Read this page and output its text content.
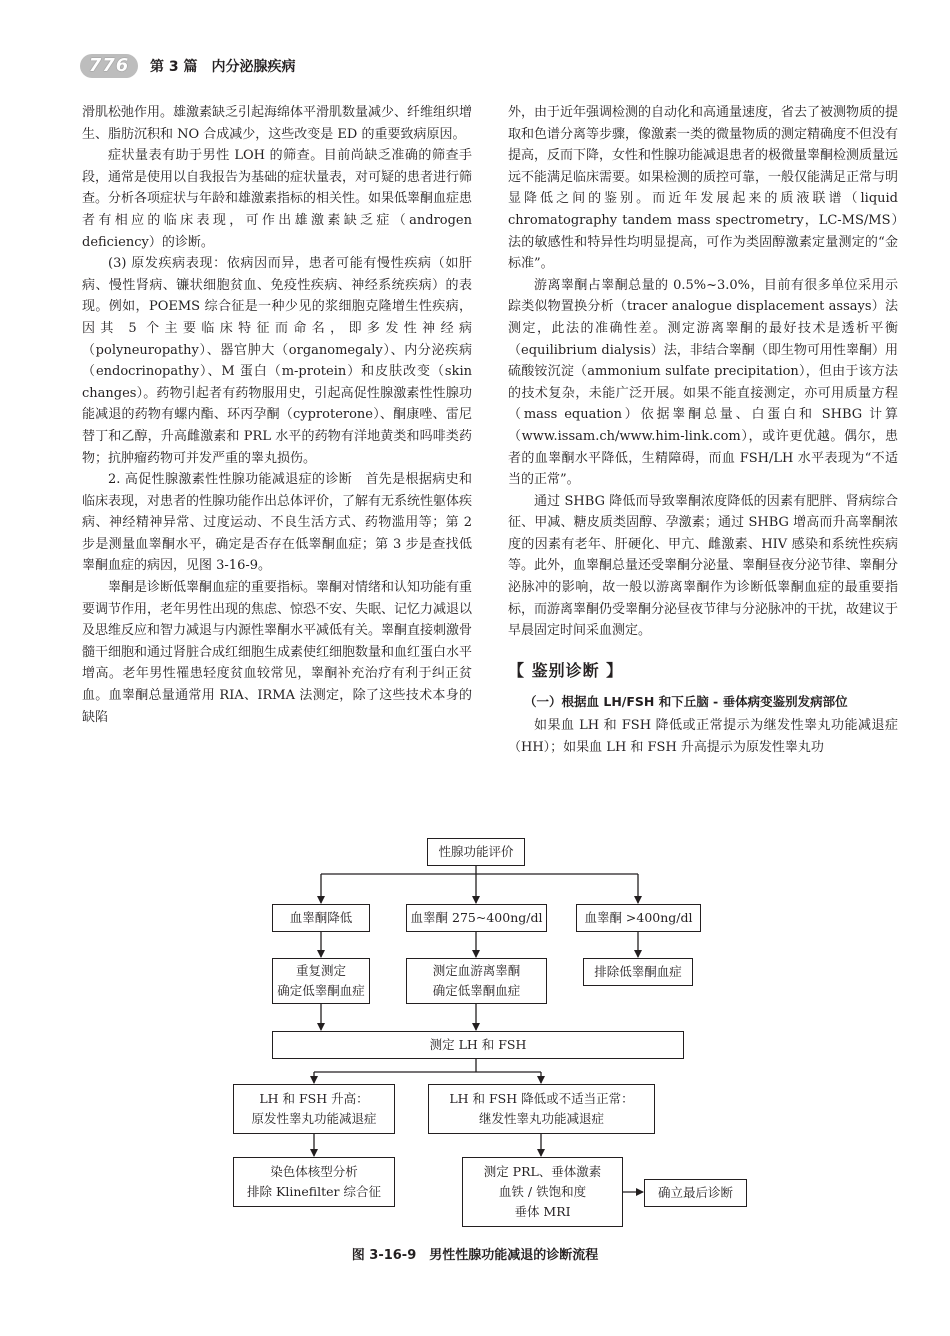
776	第 3 篇　内分泌腺疾病

滑肌松弛作用。雄激素缺乏引起海绵体平滑肌数量减少、纤维组织增生、脂肪沉积和 NO 合成减少，这些改变是 ED 的重要致病原因。

症状量表有助于男性 LOH 的筛查。目前尚缺乏准确的筛查手段，通常是使用以自我报告为基础的症状量表，对可疑的患者进行筛查。分析各项症状与年龄和雄激素指标的相关性。如果低睾酮血症患者有相应的临床表现，可作出雄激素缺乏症（androgen deficiency）的诊断。

(3) 原发疾病表现：依病因而异，患者可能有慢性疾病（如肝病、慢性肾病、镰状细胞贫血、免疫性疾病、神经系统疾病）的表现。例如，POEMS 综合征是一种少见的浆细胞克隆增生性疾病，因其 5 个主要临床特征而命名，即多发性神经病（polyneuropathy）、器官肿大（organomegaly）、内分泌疾病（endocrinopathy）、M 蛋白（m-protein）和皮肤改变（skin changes）。药物引起者有药物服用史，引起高促性腺激素性性腺功能减退的药物有螺内酯、环丙孕酮（cyproterone）、酮康唑、雷尼替丁和乙醇，升高雌激素和 PRL 水平的药物有洋地黄类和吗啡类药物；抗肿瘤药物可并发严重的睾丸损伤。

2. 高促性腺激素性性腺功能减退症的诊断　首先是根据病史和临床表现，对患者的性腺功能作出总体评价，了解有无系统性躯体疾病、神经精神异常、过度运动、不良生活方式、药物滥用等；第 2 步是测量血睾酮水平，确定是否存在低睾酮血症；第 3 步是查找低睾酮血症的病因，见图 3-16-9。

睾酮是诊断低睾酮血症的重要指标。睾酮对情绪和认知功能有重要调节作用，老年男性出现的焦虑、惊恐不安、失眠、记忆力减退以及思维反应和智力减退与内源性睾酮水平减低有关。睾酮直接刺激骨髓干细胞和通过肾脏合成红细胞生成素使红细胞数量和血红蛋白水平增高。老年男性罹患轻度贫血较常见，睾酮补充治疗有利于纠正贫血。血睾酮总量通常用 RIA、IRMA 法测定，除了这些技术本身的缺陷

外，由于近年强调检测的自动化和高通量速度，省去了被测物质的提取和色谱分离等步骤，像激素一类的微量物质的测定精确度不但没有提高，反而下降，女性和性腺功能减退患者的极微量睾酮检测质量远远不能满足临床需要。如果检测的质控可靠，一般仅能满足正常与明显降低之间的鉴别。而近年发展起来的质液联谱（liquid chromatography tandem mass spectrometry，LC-MS/MS）法的敏感性和特异性均明显提高，可作为类固醇激素定量测定的“金标准”。

游离睾酮占睾酮总量的 0.5%~3.0%，目前有很多单位采用示踪类似物置换分析（tracer analogue displacement assays）法测定，此法的准确性差。测定游离睾酮的最好技术是透析平衡（equilibrium dialysis）法，非结合睾酮（即生物可用性睾酮）用硫酸铵沉淀（ammonium sulfate precipitation），但由于该方法的技术复杂，未能广泛开展。如果不能直接测定，亦可用质量方程（mass equation）依据睾酮总量、白蛋白和 SHBG 计算（www.issam.ch/www.him-link.com），或许更优越。偶尔，患者的血睾酮水平降低，生精障碍，而血 FSH/LH 水平表现为“不适当的正常”。

通过 SHBG 降低而导致睾酮浓度降低的因素有肥胖、肾病综合征、甲减、糖皮质类固醇、孕激素；通过 SHBG 增高而升高睾酮浓度的因素有老年、肝硬化、甲亢、雌激素、HIV 感染和系统性疾病等。此外，血睾酮总量还受睾酮分泌量、睾酮昼夜分泌节律、睾酮分泌脉冲的影响，故一般以游离睾酮作为诊断低睾酮血症的最重要指标，而游离睾酮仍受睾酮分泌昼夜节律与分泌脉冲的干扰，故建议于早晨固定时间采血测定。

【 鉴别诊断 】
（一）根据血 LH/FSH 和下丘脑 - 垂体病变鉴别发病部位

如果血 LH 和 FSH 降低或正常提示为继发性睾丸功能减退症（HH）；如果血 LH 和 FSH 升高提示为原发性睾丸功

性腺功能评价
血睾酮降低	血睾酮 275~400ng/dl	血睾酮 >400ng/dl
重复测定
确定低睾酮血症
测定血游离睾酮
确定低睾酮血症
排除低睾酮血症
测定 LH 和 FSH
LH 和 FSH 升高：
原发性睾丸功能减退症
LH 和 FSH 降低或不适当正常：
继发性睾丸功能减退症
染色体核型分析
排除 Klinefilter 综合征
测定 PRL、垂体激素
血铁 / 铁饱和度
垂体 MRI
确立最后诊断
图 3-16-9　男性性腺功能减退的诊断流程
